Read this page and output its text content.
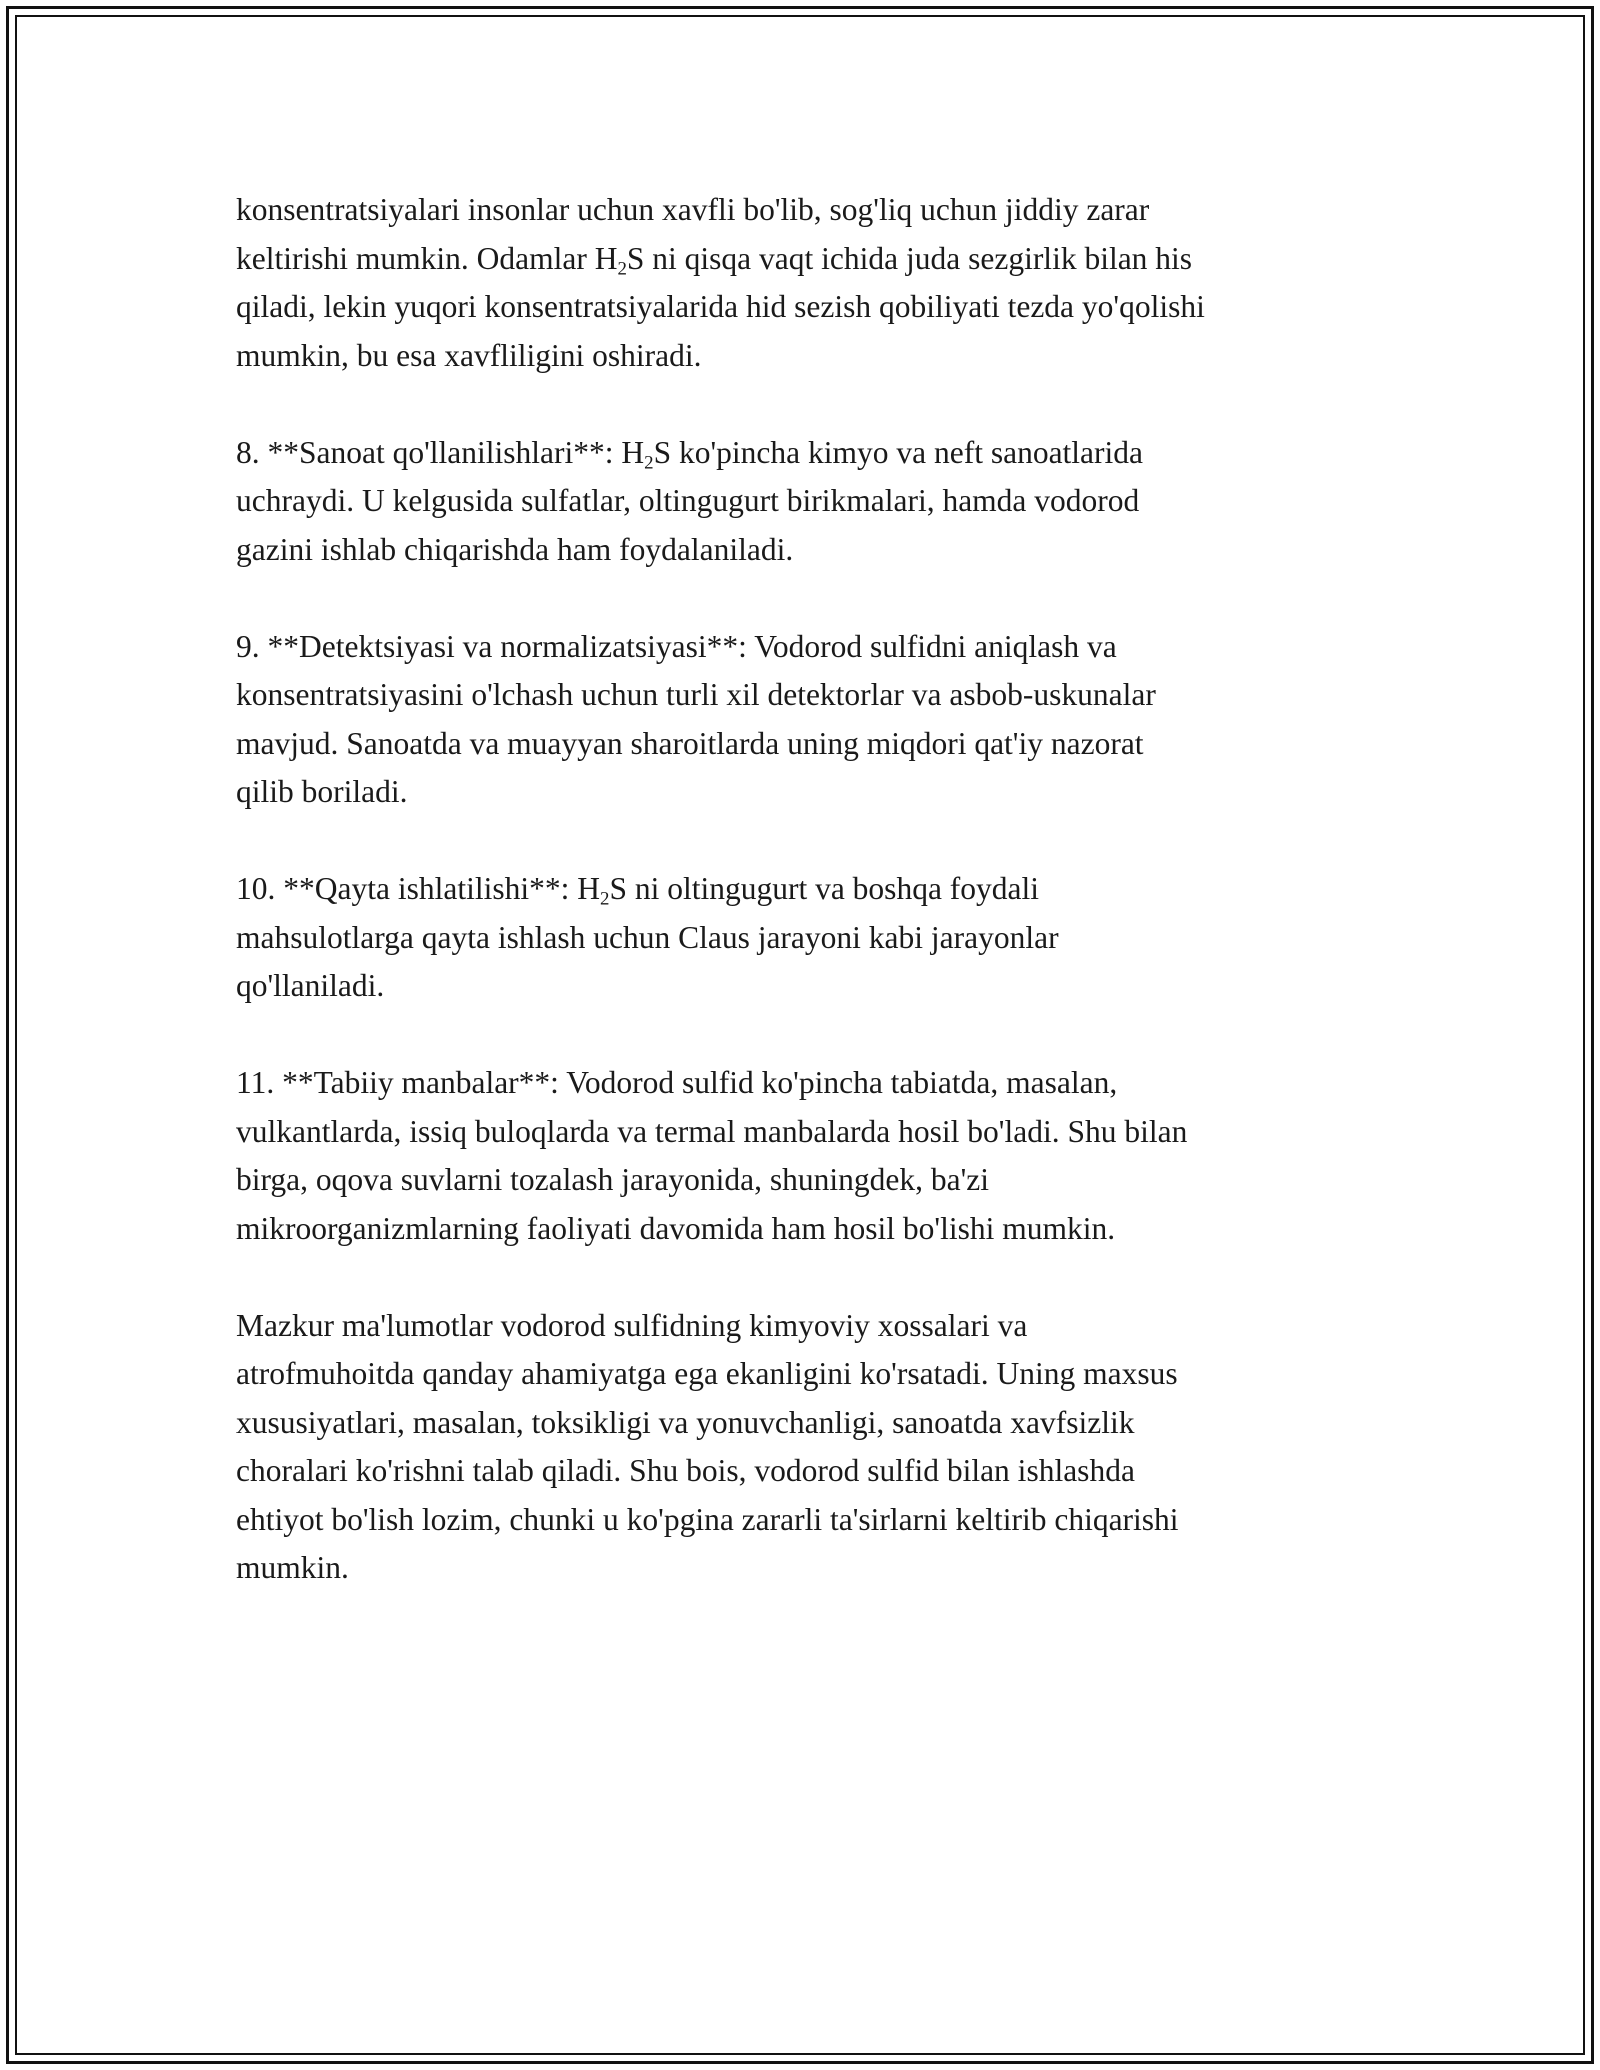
konsentratsiyalari insonlar uchun xavfli bo'lib, sog'liq uchun jiddiy zarar
keltirishi mumkin. Odamlar $H_2S$ ni qisqa vaqt ichida juda sezgirlik bilan his
qiladi, lekin yuqori konsentratsiyalarida hid sezish qobiliyati tezda yo'qolishi
mumkin, bu esa xavfliligini oshiradi.

8. **Sanoat qo'llanilishlari**: $H_2S$ ko'pincha kimyo va neft sanoatlarida
uchraydi. U kelgusida sulfatlar, oltingugurt birikmalari, hamda vodorod
gazini ishlab chiqarishda ham foydalaniladi.

9. **Detektsiyasi va normalizatsiyasi**: Vodorod sulfidni aniqlash va
konsentratsiyasini o'lchash uchun turli xil detektorlar va asbob-uskunalar
mavjud. Sanoatda va muayyan sharoitlarda uning miqdori qat'iy nazorat
qilib boriladi.

10. **Qayta ishlatilishi**: $H_2S$ ni oltingugurt va boshqa foydali
mahsulotlarga qayta ishlash uchun Claus jarayoni kabi jarayonlar
qo'llaniladi.

11. **Tabiiy manbalar**: Vodorod sulfid ko'pincha tabiatda, masalan,
vulkantlarda, issiq buloqlarda va termal manbalarda hosil bo'ladi. Shu bilan
birga, oqova suvlarni tozalash jarayonida, shuningdek, ba'zi
mikroorganizmlarning faoliyati davomida ham hosil bo'lishi mumkin.

Mazkur ma'lumotlar vodorod sulfidning kimyoviy xossalari va
atrofmuhoitda qanday ahamiyatga ega ekanligini ko'rsatadi. Uning maxsus
xususiyatlari, masalan, toksikligi va yonuvchanligi, sanoatda xavfsizlik
choralari ko'rishni talab qiladi. Shu bois, vodorod sulfid bilan ishlashda
ehtiyot bo'lish lozim, chunki u ko'pgina zararli ta'sirlarni keltirib chiqarishi
mumkin.
